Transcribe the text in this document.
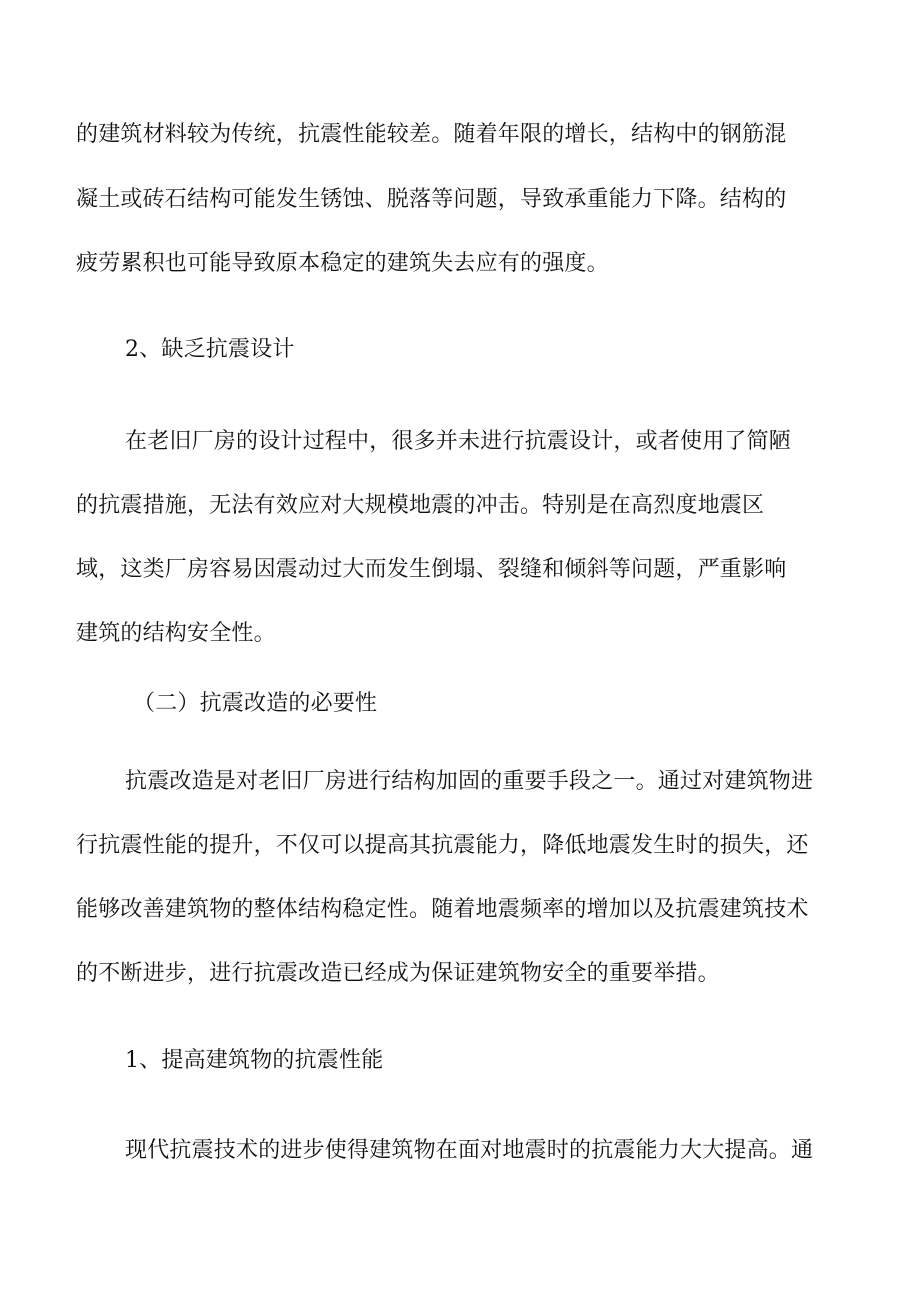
的建筑材料较为传统，抗震性能较差。随着年限的增长，结构中的钢筋混
凝土或砖石结构可能发生锈蚀、脱落等问题，导致承重能力下降。结构的
疲劳累积也可能导致原本稳定的建筑失去应有的强度。
2、缺乏抗震设计
在老旧厂房的设计过程中，很多并未进行抗震设计，或者使用了简陋
的抗震措施，无法有效应对大规模地震的冲击。特别是在高烈度地震区
域，这类厂房容易因震动过大而发生倒塌、裂缝和倾斜等问题，严重影响
建筑的结构安全性。
（二）抗震改造的必要性
抗震改造是对老旧厂房进行结构加固的重要手段之一。通过对建筑物进
行抗震性能的提升，不仅可以提高其抗震能力，降低地震发生时的损失，还
能够改善建筑物的整体结构稳定性。随着地震频率的增加以及抗震建筑技术
的不断进步，进行抗震改造已经成为保证建筑物安全的重要举措。
1、提高建筑物的抗震性能
现代抗震技术的进步使得建筑物在面对地震时的抗震能力大大提高。通
